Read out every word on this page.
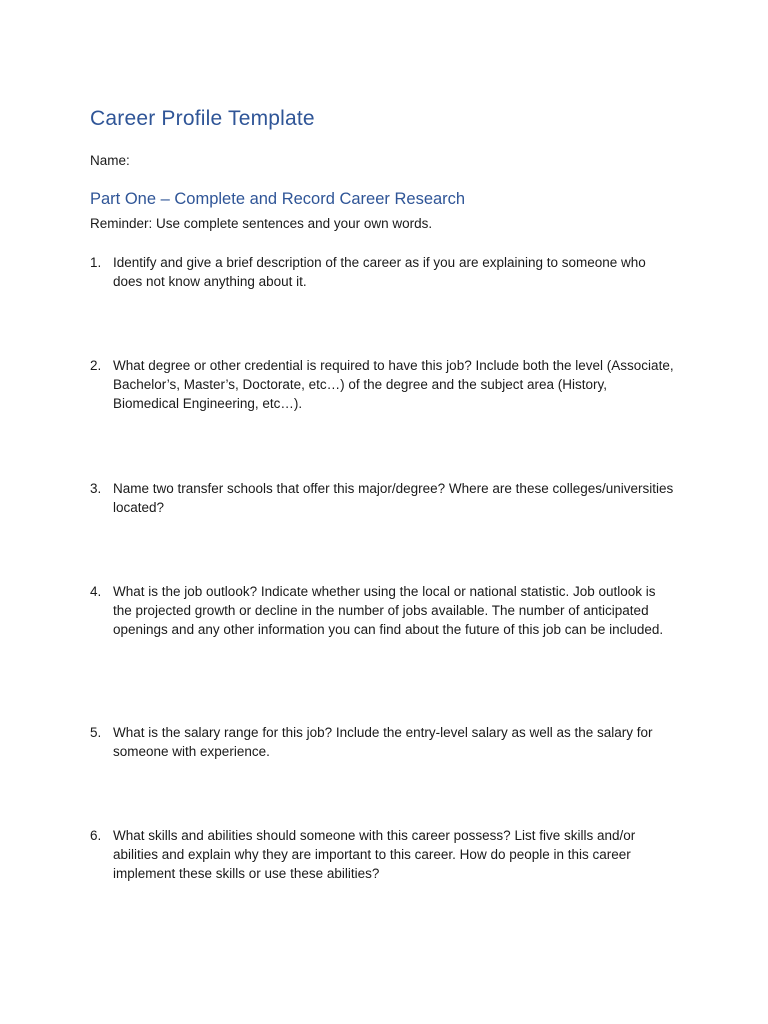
Career Profile Template
Name:
Part One – Complete and Record Career Research
Reminder: Use complete sentences and your own words.
1. Identify and give a brief description of the career as if you are explaining to someone who does not know anything about it.
2. What degree or other credential is required to have this job? Include both the level (Associate, Bachelor’s, Master’s, Doctorate, etc…) of the degree and the subject area (History, Biomedical Engineering, etc…).
3. Name two transfer schools that offer this major/degree? Where are these colleges/universities located?
4. What is the job outlook? Indicate whether using the local or national statistic. Job outlook is the projected growth or decline in the number of jobs available. The number of anticipated openings and any other information you can find about the future of this job can be included.
5. What is the salary range for this job? Include the entry-level salary as well as the salary for someone with experience.
6. What skills and abilities should someone with this career possess? List five skills and/or abilities and explain why they are important to this career. How do people in this career implement these skills or use these abilities?
